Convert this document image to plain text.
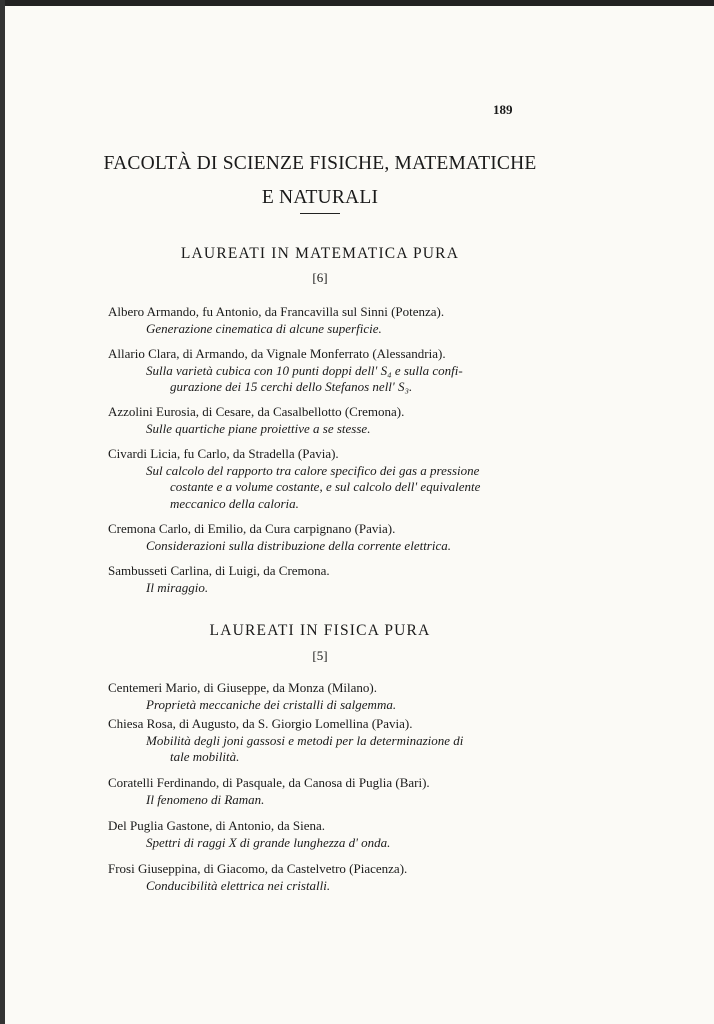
189
FACOLTÀ DI SCIENZE FISICHE, MATEMATICHE
E NATURALI
LAUREATI IN MATEMATICA PURA
[6]
Albero Armando, fu Antonio, da Francavilla sul Sinni (Potenza).
Generazione cinematica di alcune superficie.
Allario Clara, di Armando, da Vignale Monferrato (Alessandria).
Sulla varietà cubica con 10 punti doppi dell' S₄ e sulla confi-
gurazione dei 15 cerchi dello Stefanos nell' S₃.
Azzolini Eurosia, di Cesare, da Casalbellotto (Cremona).
Sulle quartiche piane proiettive a se stesse.
Civardi Licia, fu Carlo, da Stradella (Pavia).
Sul calcolo del rapporto tra calore specifico dei gas a pressione
costante e a volume costante, e sul calcolo dell' equivalente
meccanico della caloria.
Cremona Carlo, di Emilio, da Cura carpignano (Pavia).
Considerazioni sulla distribuzione della corrente elettrica.
Sambusseti Carlina, di Luigi, da Cremona.
Il miraggio.
LAUREATI IN FISICA PURA
[5]
Centemeri Mario, di Giuseppe, da Monza (Milano).
Proprietà meccaniche dei cristalli di salgemma.
Chiesa Rosa, di Augusto, da S. Giorgio Lomellina (Pavia).
Mobilità degli joni gassosi e metodi per la determinazione di
tale mobilità.
Coratelli Ferdinando, di Pasquale, da Canosa di Puglia (Bari).
Il fenomeno di Raman.
Del Puglia Gastone, di Antonio, da Siena.
Spettri di raggi X di grande lunghezza d' onda.
Frosi Giuseppina, di Giacomo, da Castelvetro (Piacenza).
Conducibilità elettrica nei cristalli.
